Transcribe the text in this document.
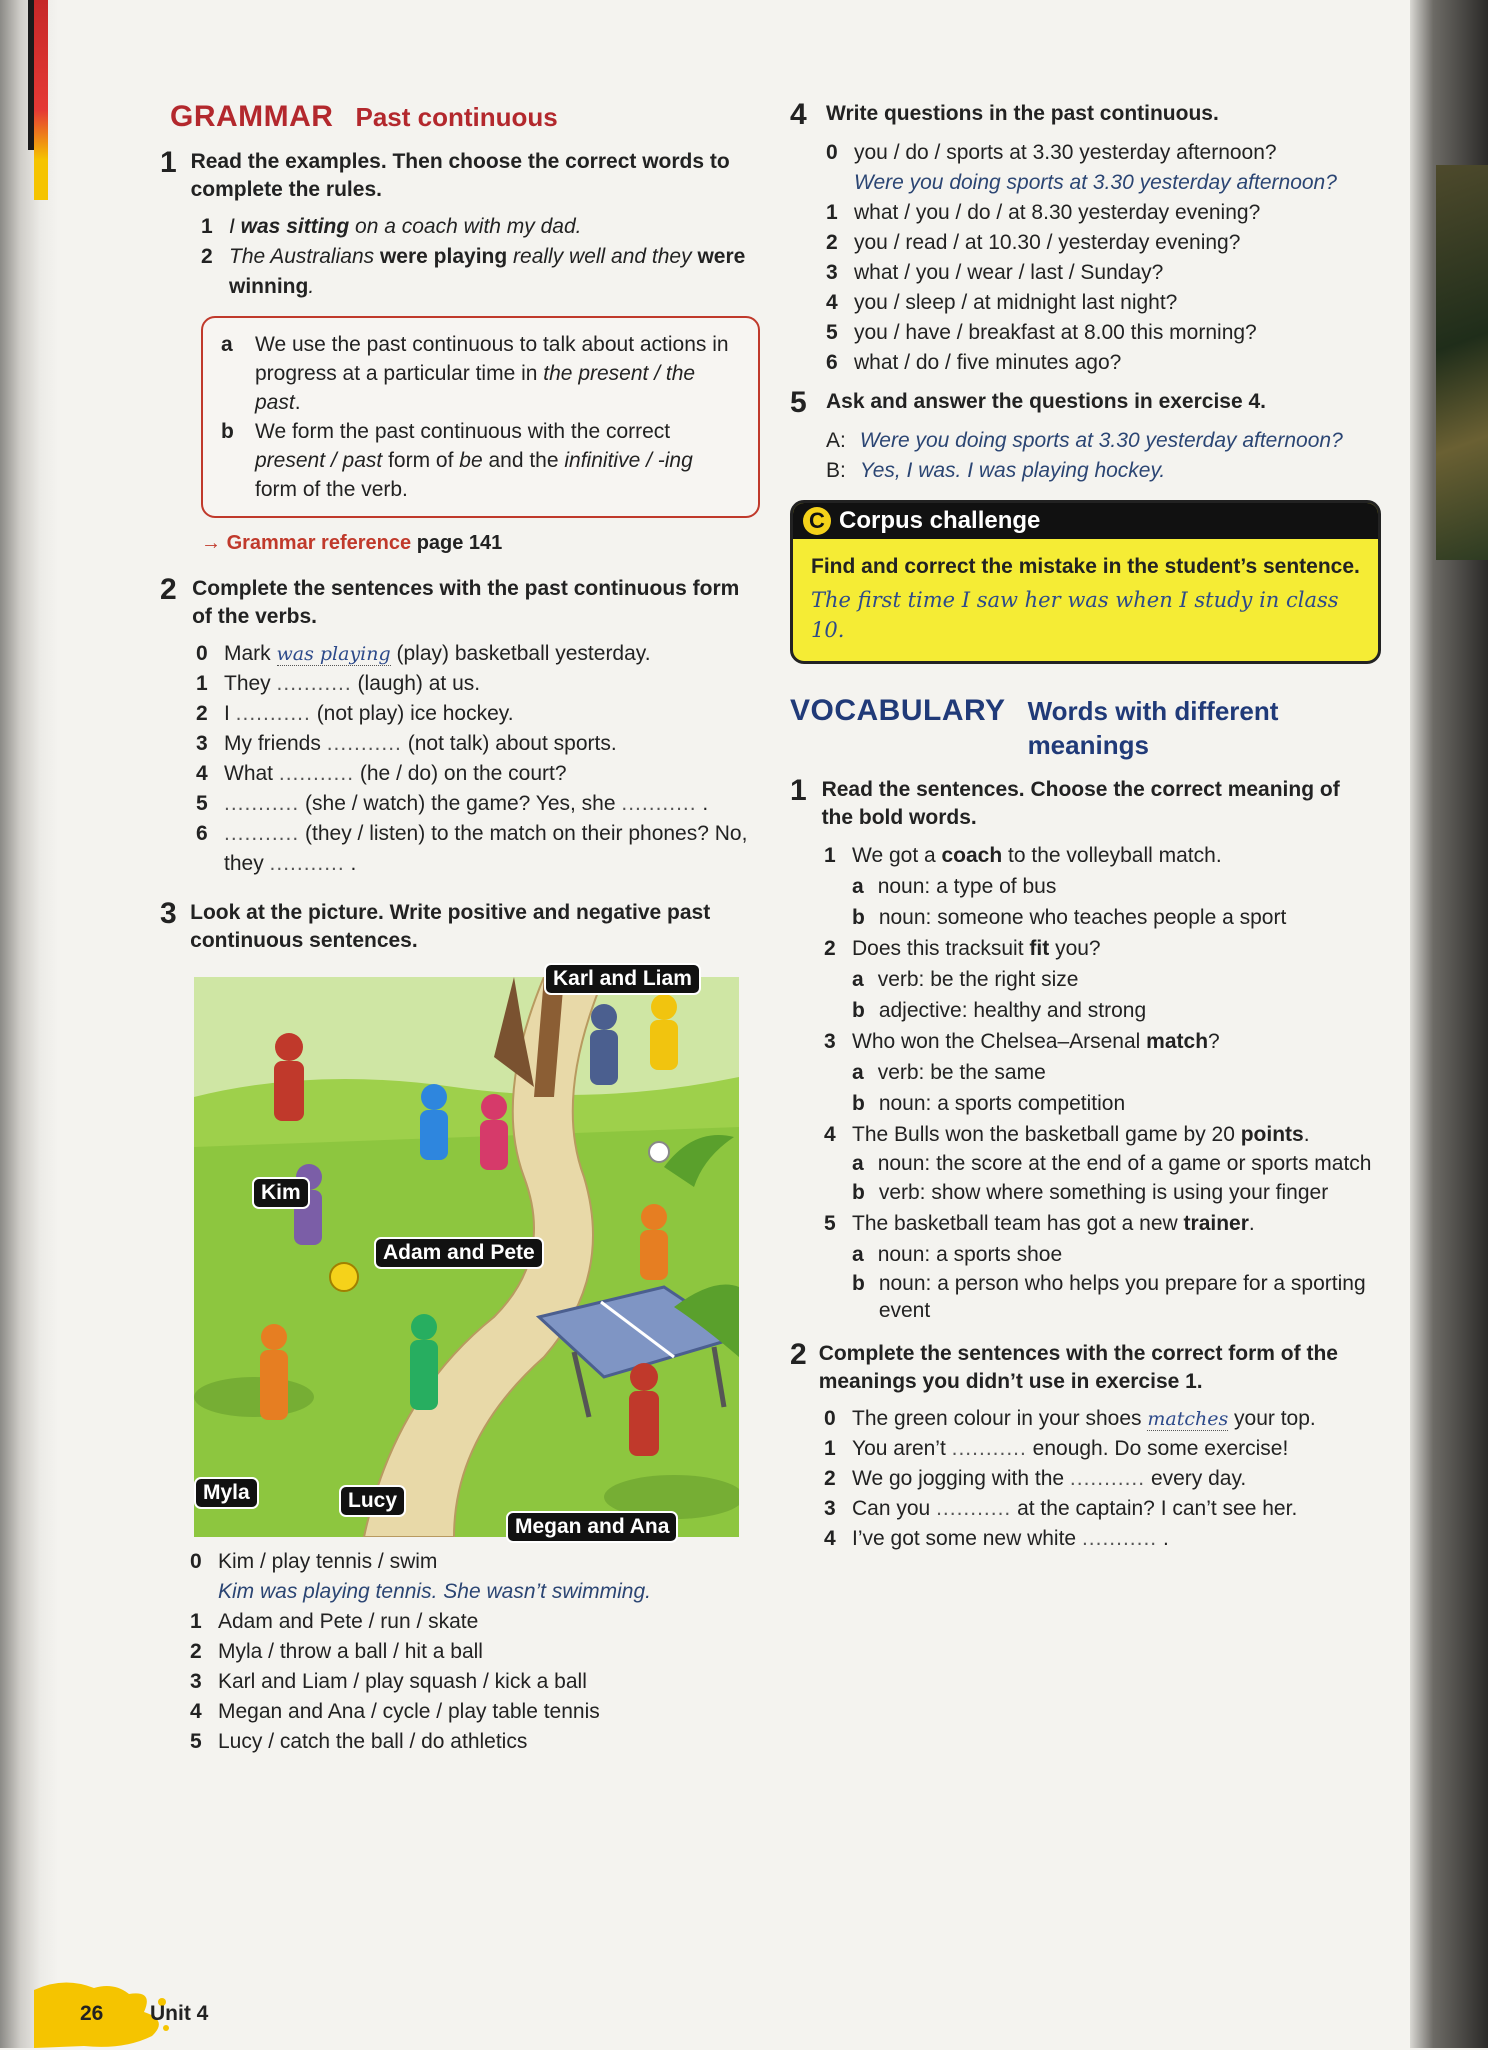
GRAMMAR Past continuous
1 Read the examples. Then choose the correct words to complete the rules.
1 I was sitting on a coach with my dad.
2 The Australians were playing really well and they were winning.
a We use the past continuous to talk about actions in progress at a particular time in the present / the past.
b We form the past continuous with the correct present / past form of be and the infinitive / -ing form of the verb.
→ Grammar reference page 141
2 Complete the sentences with the past continuous form of the verbs.
0 Mark was playing (play) basketball yesterday.
1 They ........... (laugh) at us.
2 I ........... (not play) ice hockey.
3 My friends ........... (not talk) about sports.
4 What ........... (he / do) on the court?
5 ........... (she / watch) the game? Yes, she ........... .
6 ........... (they / listen) to the match on their phones? No, they ........... .
3 Look at the picture. Write positive and negative past continuous sentences.
Karl and Liam
Kim
Adam and Pete
Myla	Lucy
Megan and Ana
0 Kim / play tennis / swim
Kim was playing tennis. She wasn’t swimming.
1 Adam and Pete / run / skate
2 Myla / throw a ball / hit a ball
3 Karl and Liam / play squash / kick a ball
4 Megan and Ana / cycle / play table tennis
5 Lucy / catch the ball / do athletics
4 Write questions in the past continuous.
0 you / do / sports at 3.30 yesterday afternoon?
Were you doing sports at 3.30 yesterday afternoon?
1 what / you / do / at 8.30 yesterday evening?
2 you / read / at 10.30 / yesterday evening?
3 what / you / wear / last / Sunday?
4 you / sleep / at midnight last night?
5 you / have / breakfast at 8.00 this morning?
6 what / do / five minutes ago?
5 Ask and answer the questions in exercise 4.
A: Were you doing sports at 3.30 yesterday afternoon?
B: Yes, I was. I was playing hockey.
C Corpus challenge
Find and correct the mistake in the student’s sentence.
The first time I saw her was when I study in class 10.
VOCABULARY Words with different meanings
1 Read the sentences. Choose the correct meaning of the bold words.
1 We got a coach to the volleyball match.
a noun: a type of bus
b noun: someone who teaches people a sport
2 Does this tracksuit fit you?
a verb: be the right size
b adjective: healthy and strong
3 Who won the Chelsea–Arsenal match?
a verb: be the same
b noun: a sports competition
4 The Bulls won the basketball game by 20 points.
a noun: the score at the end of a game or sports match
b verb: show where something is using your finger
5 The basketball team has got a new trainer.
a noun: a sports shoe
b noun: a person who helps you prepare for a sporting event
2 Complete the sentences with the correct form of the meanings you didn’t use in exercise 1.
0 The green colour in your shoes matches your top.
1 You aren’t ........... enough. Do some exercise!
2 We go jogging with the ........... every day.
3 Can you ........... at the captain? I can’t see her.
4 I’ve got some new white ........... .
26 Unit 4
